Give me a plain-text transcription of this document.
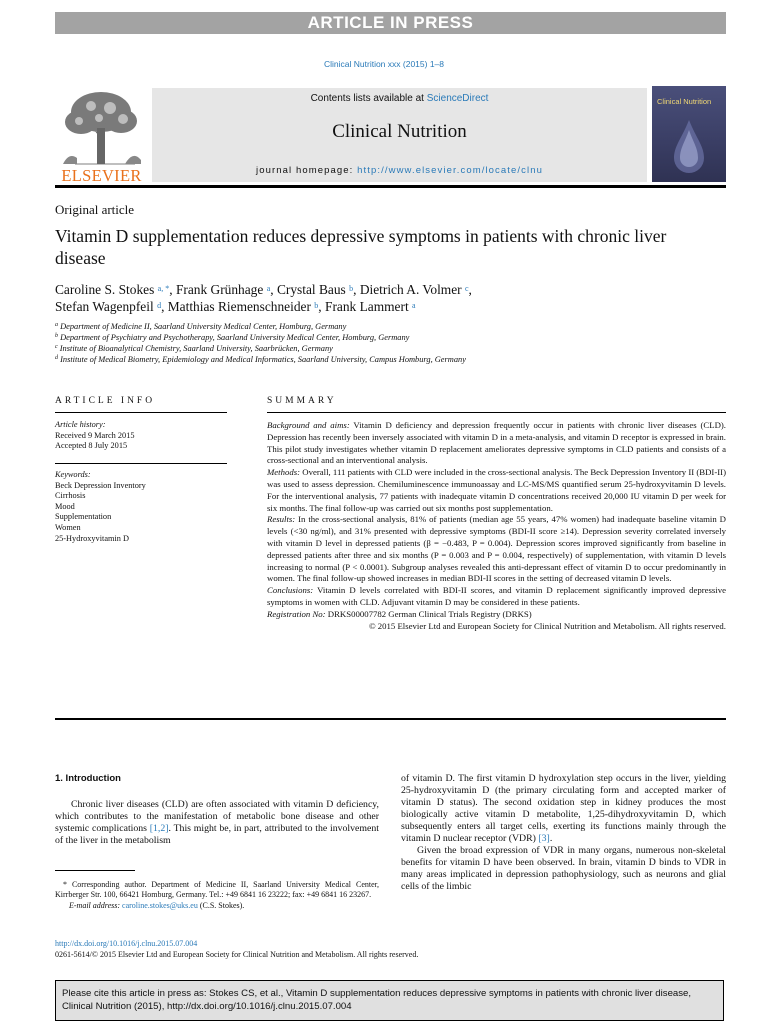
ARTICLE IN PRESS
Clinical Nutrition xxx (2015) 1–8
ELSEVIER
Contents lists available at ScienceDirect
Clinical Nutrition
journal homepage: http://www.elsevier.com/locate/clnu
Clinical Nutrition
Original article
Vitamin D supplementation reduces depressive symptoms in patients with chronic liver disease
Caroline S. Stokes $^{a, *}$, Frank Grünhage $^a$, Crystal Baus $^b$, Dietrich A. Volmer $^c$,
Stefan Wagenpfeil $^d$, Matthias Riemenschneider $^b$, Frank Lammert $^a$
$^a$ Department of Medicine II, Saarland University Medical Center, Homburg, Germany
$^b$ Department of Psychiatry and Psychotherapy, Saarland University Medical Center, Homburg, Germany
$^c$ Institute of Bioanalytical Chemistry, Saarland University, Saarbrücken, Germany
$^d$ Institute of Medical Biometry, Epidemiology and Medical Informatics, Saarland University, Campus Homburg, Germany
ARTICLE INFO	SUMMARY
Article history:
Received 9 March 2015
Accepted 8 July 2015
Keywords:
Beck Depression Inventory
Cirrhosis
Mood
Supplementation
Women
25-Hydroxyvitamin D

Background and aims: Vitamin D deficiency and depression frequently occur in patients with chronic liver diseases (CLD). Depression has recently been inversely associated with vitamin D in a meta-analysis, and vitamin D receptor is expressed in brain. This pilot study investigates whether vitamin D replacement ameliorates depressive symptoms in CLD patients and consists of a cross-sectional and an interventional analysis.

Methods: Overall, 111 patients with CLD were included in the cross-sectional analysis. The Beck Depression Inventory II (BDI-II) was used to assess depression. Chemiluminescence immunoassay and LC-MS/MS quantified serum 25-hydroxyvitamin D levels. For the interventional analysis, 77 patients with inadequate vitamin D concentrations received 20,000 IU vitamin D per week for six months. The final follow-up was carried out six months post supplementation.

Results: In the cross-sectional analysis, 81% of patients (median age 55 years, 47% women) had inadequate baseline vitamin D levels (<30 ng/ml), and 31% presented with depressive symptoms (BDI-II score ≥14). Depression severity correlated inversely with vitamin D level in depressed patients (β = −0.483, P = 0.004). Depression scores improved significantly from baseline in depressed patients after three and six months (P = 0.003 and P = 0.004, respectively) of supplementation, with vitamin D levels increasing to normal (P < 0.0001). Subgroup analyses revealed this anti-depressant effect of vitamin D to occur predominantly in women. The final follow-up showed increases in median BDI-II scores in the setting of decreased vitamin D levels.

Conclusions: Vitamin D levels correlated with BDI-II scores, and vitamin D replacement significantly improved depressive symptoms in women with CLD. Adjuvant vitamin D may be considered in these patients.

Registration No: DRKS00007782 German Clinical Trials Registry (DRKS)

© 2015 Elsevier Ltd and European Society for Clinical Nutrition and Metabolism. All rights reserved.

1. Introduction

Chronic liver diseases (CLD) are often associated with vitamin D deficiency, which contributes to the manifestation of metabolic bone disease and other systemic complications [1,2]. This might be, in part, attributed to the involvement of the liver in the metabolism

of vitamin D. The first vitamin D hydroxylation step occurs in the liver, yielding 25-hydroxyvitamin D (the primary circulating form and accepted marker of vitamin D status). The second oxidation step in kidney produces the most biologically active vitamin D metabolite, 1,25-dihydroxyvitamin D, which subsequently enters all target cells, exerting its functions mainly through the vitamin D nuclear receptor (VDR) [3].

Given the broad expression of VDR in many organs, numerous non-skeletal benefits for vitamin D have been observed. In brain, vitamin D binds to VDR in many areas implicated in depression pathophysiology, such as neurons and glial cells of the limbic

* Corresponding author. Department of Medicine II, Saarland University Medical Center, Kirrberger Str. 100, 66421 Homburg, Germany. Tel.: +49 6841 16 23222; fax: +49 6841 16 23267.
E-mail address: caroline.stokes@uks.eu (C.S. Stokes).
http://dx.doi.org/10.1016/j.clnu.2015.07.004
0261-5614/© 2015 Elsevier Ltd and European Society for Clinical Nutrition and Metabolism. All rights reserved.
Please cite this article in press as: Stokes CS, et al., Vitamin D supplementation reduces depressive symptoms in patients with chronic liver disease, Clinical Nutrition (2015), http://dx.doi.org/10.1016/j.clnu.2015.07.004
